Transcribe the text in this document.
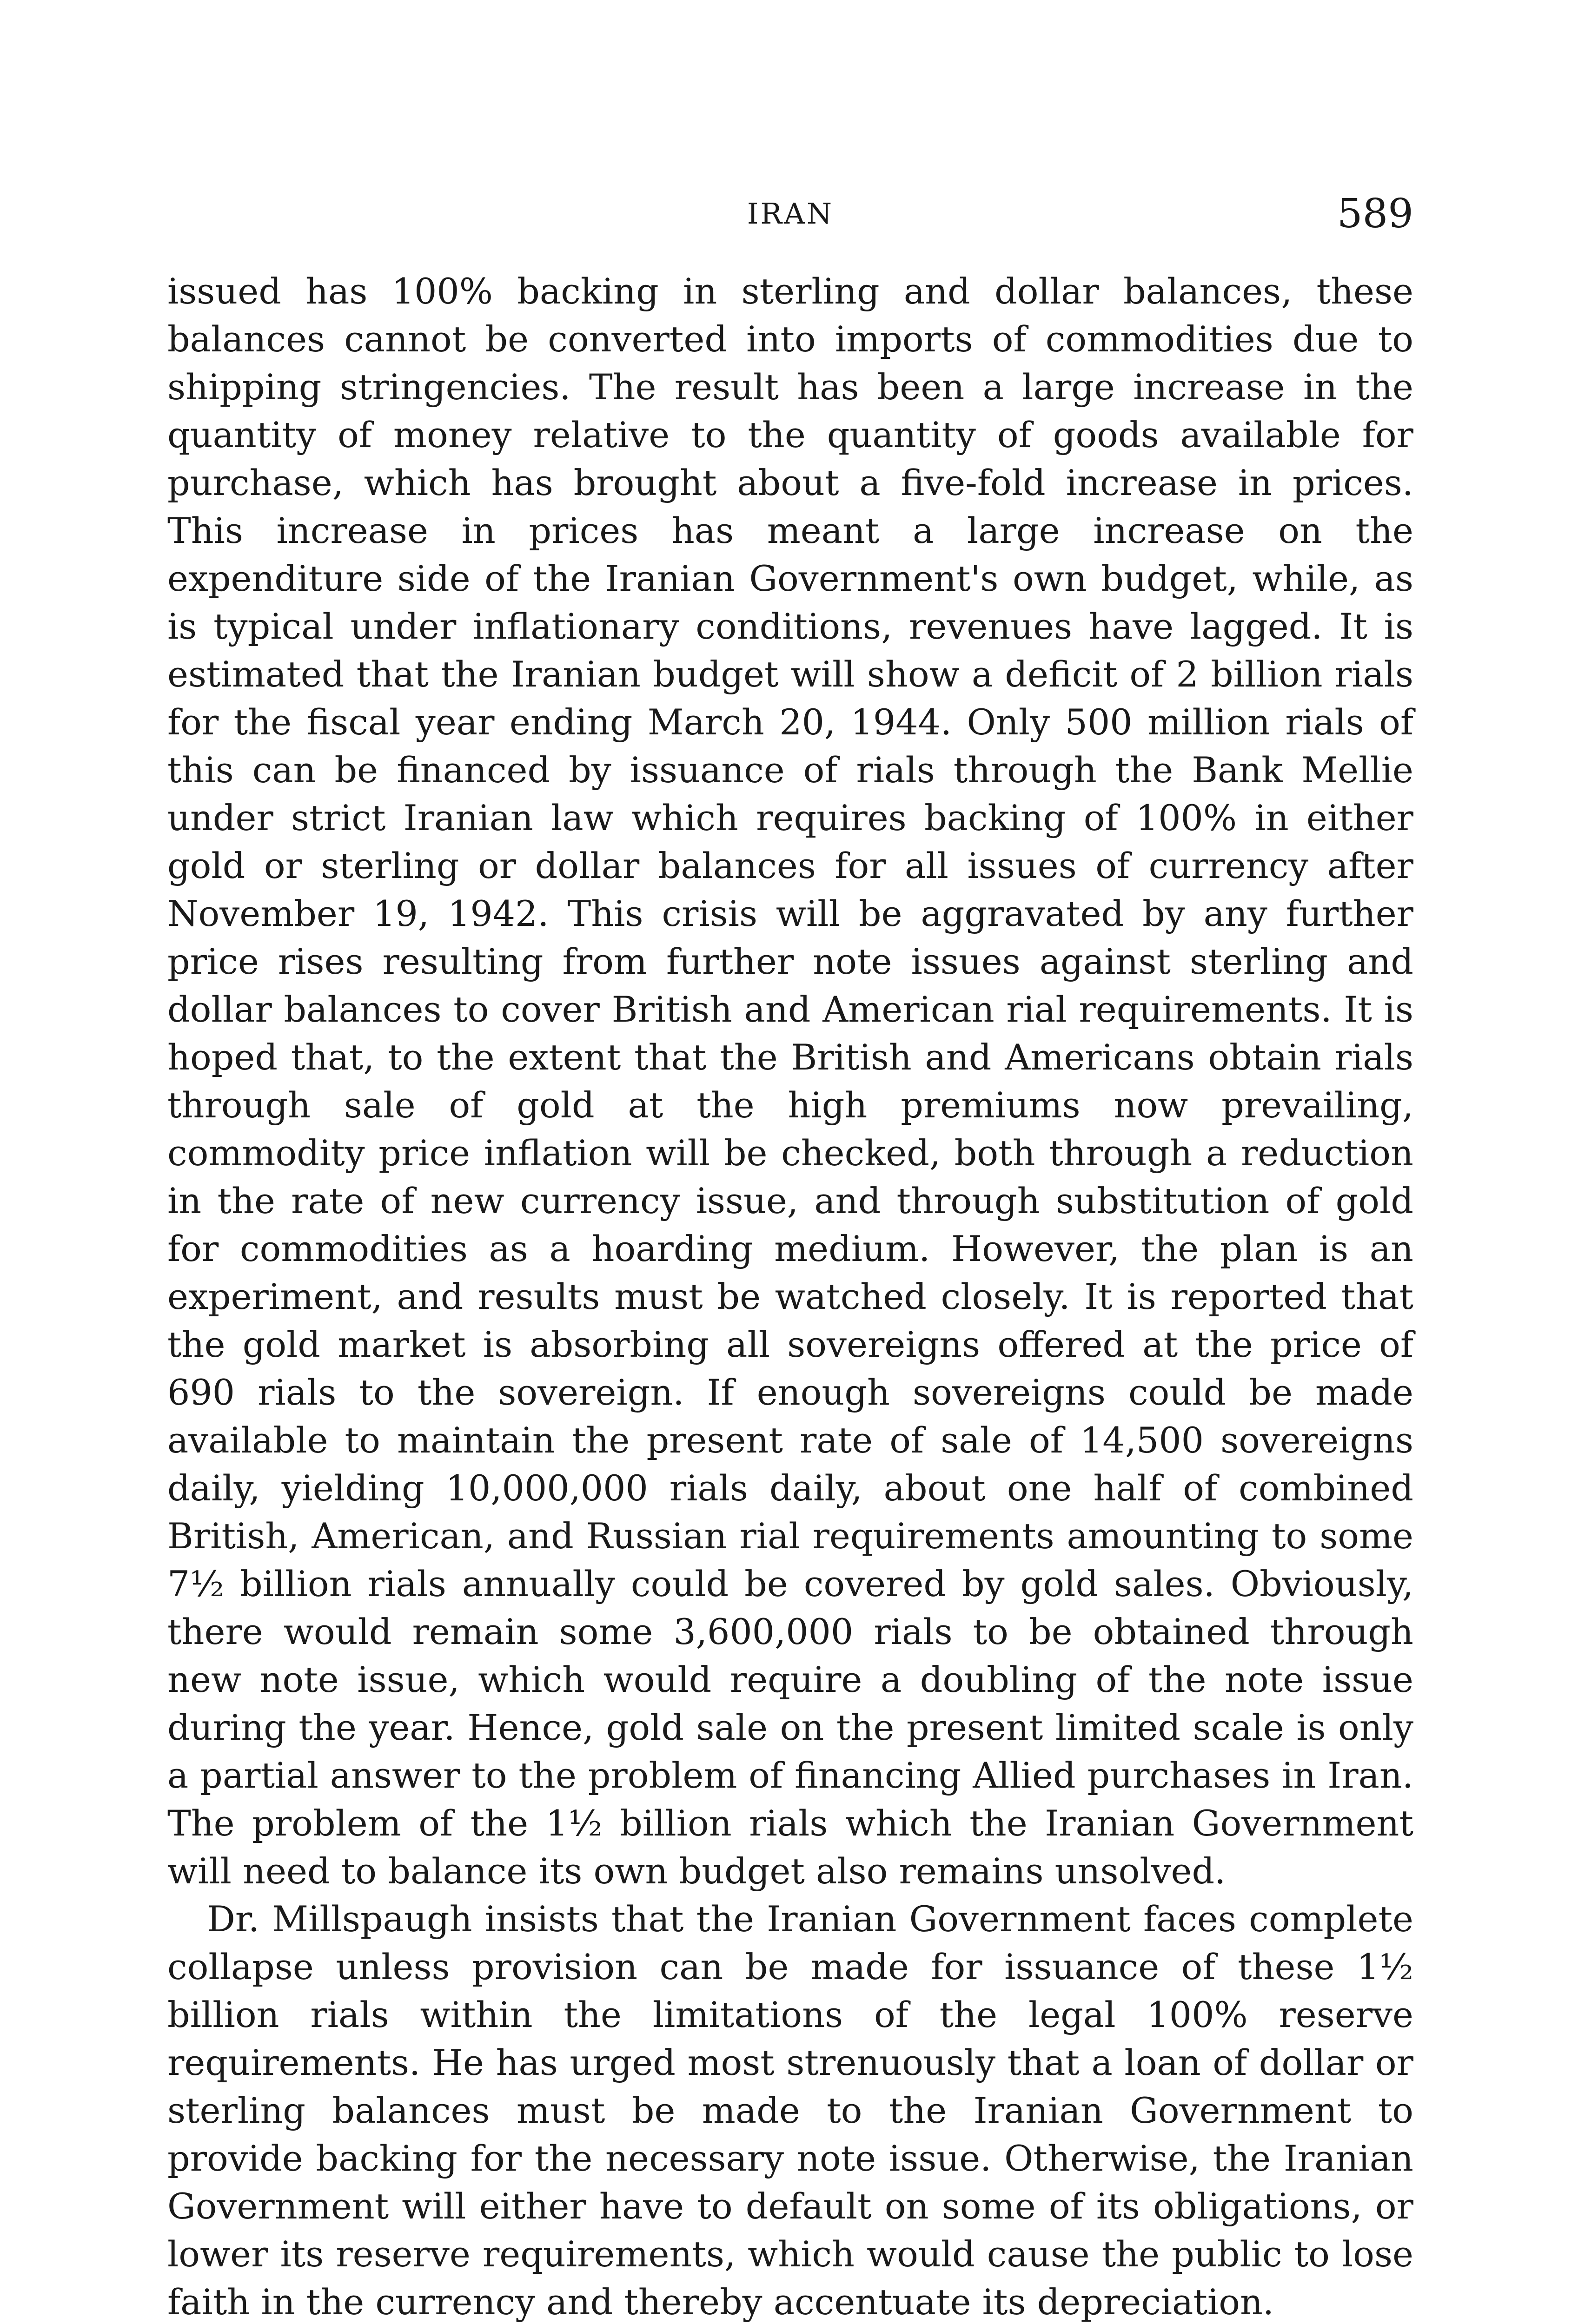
IRAN	589

issued has 100% backing in sterling and dollar balances, these balances cannot be converted into imports of commodities due to shipping stringencies. The result has been a large increase in the quantity of money relative to the quantity of goods available for purchase, which has brought about a five-fold increase in prices. This increase in prices has meant a large increase on the expenditure side of the Iranian Government's own budget, while, as is typical under inflationary conditions, revenues have lagged. It is estimated that the Iranian budget will show a deficit of 2 billion rials for the fiscal year ending March 20, 1944. Only 500 million rials of this can be financed by issuance of rials through the Bank Mellie under strict Iranian law which requires backing of 100% in either gold or sterling or dollar balances for all issues of currency after November 19, 1942. This crisis will be aggravated by any further price rises resulting from further note issues against sterling and dollar balances to cover British and American rial requirements. It is hoped that, to the extent that the British and Americans obtain rials through sale of gold at the high premiums now prevailing, commodity price inflation will be checked, both through a reduction in the rate of new currency issue, and through substitution of gold for commodities as a hoarding medium. However, the plan is an experiment, and results must be watched closely. It is reported that the gold market is absorbing all sovereigns offered at the price of 690 rials to the sovereign. If enough sovereigns could be made available to maintain the present rate of sale of 14,500 sovereigns daily, yielding 10,000,000 rials daily, about one half of combined British, American, and Russian rial requirements amounting to some 7½ billion rials annually could be covered by gold sales. Obviously, there would remain some 3,600,000 rials to be obtained through new note issue, which would require a doubling of the note issue during the year. Hence, gold sale on the present limited scale is only a partial answer to the problem of financing Allied purchases in Iran. The problem of the 1½ billion rials which the Iranian Government will need to balance its own budget also remains unsolved.

Dr. Millspaugh insists that the Iranian Government faces complete collapse unless provision can be made for issuance of these 1½ billion rials within the limitations of the legal 100% reserve requirements. He has urged most strenuously that a loan of dollar or sterling balances must be made to the Iranian Government to provide backing for the necessary note issue. Otherwise, the Iranian Government will either have to default on some of its obligations, or lower its reserve requirements, which would cause the public to lose faith in the currency and thereby accentuate its depreciation.
